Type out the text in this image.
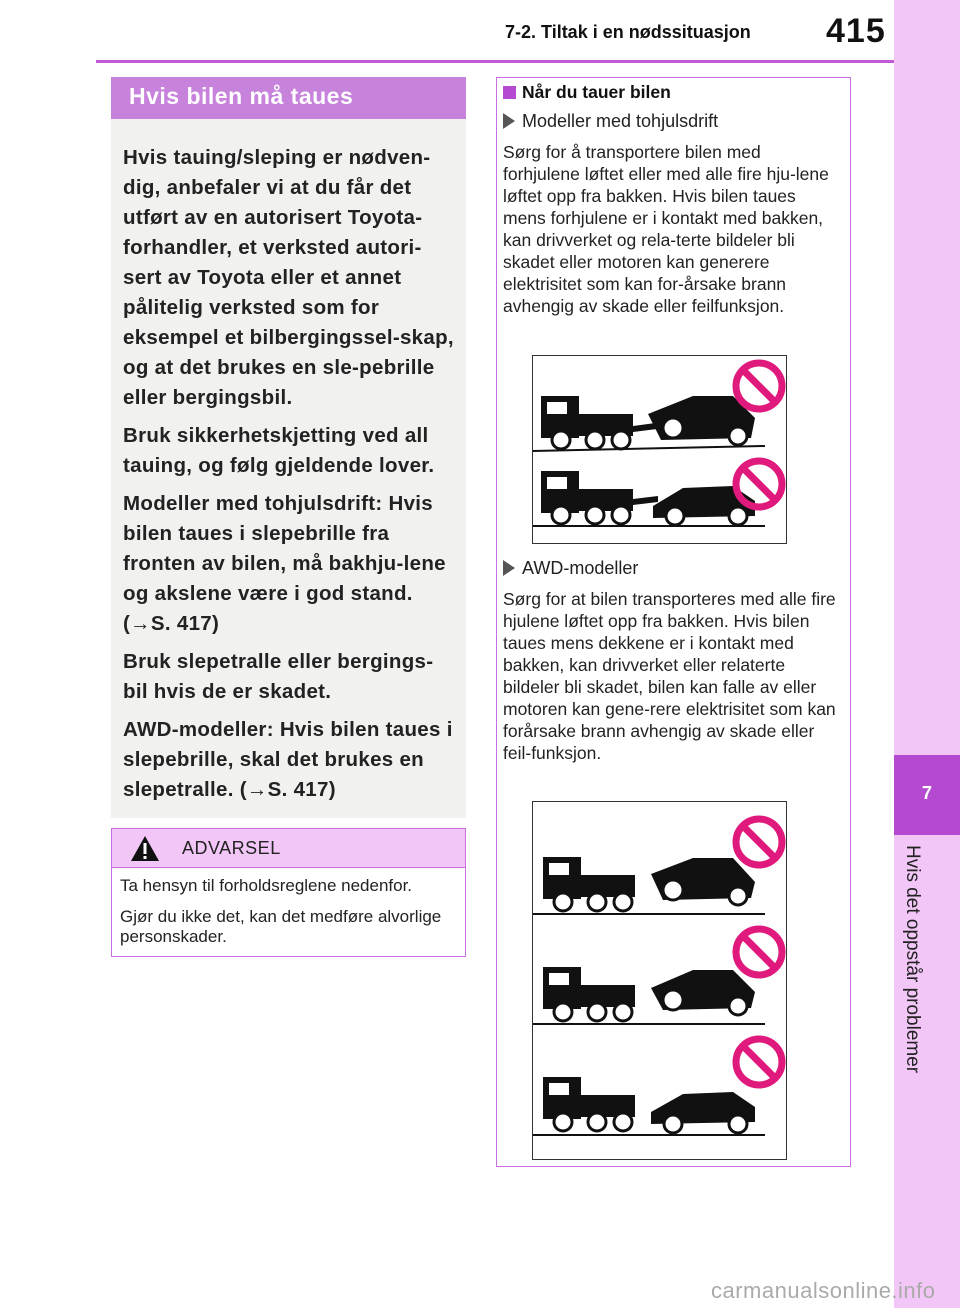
7-2. Tiltak i en nødssituasjon 415
7
Hvis det oppstår problemer
Hvis bilen må taues

Hvis tauing/sleping er nødven-dig, anbefaler vi at du får det utført av en autorisert Toyota-forhandler, et verksted autori-sert av Toyota eller et annet pålitelig verksted som for eksempel et bilbergingssel-skap, og at det brukes en sle-pebrille eller bergingsbil.

Bruk sikkerhetskjetting ved all tauing, og følg gjeldende lover.

Modeller med tohjulsdrift: Hvis bilen taues i slepebrille fra fronten av bilen, må bakhju-lene og akslene være i god stand. (→S. 417)

Bruk slepetralle eller bergings-bil hvis de er skadet.

AWD-modeller: Hvis bilen taues i slepebrille, skal det brukes en slepetralle. (→S. 417)

ADVARSEL

Ta hensyn til forholdsreglene nedenfor.

Gjør du ikke det, kan det medføre alvorlige personskader.

Når du tauer bilen
Modeller med tohjulsdrift
Sørg for å transportere bilen med forhjulene løftet eller med alle fire hju-lene løftet opp fra bakken. Hvis bilen taues mens forhjulene er i kontakt med bakken, kan drivverket og rela-terte bildeler bli skadet eller motoren kan generere elektrisitet som kan for-årsake brann avhengig av skade eller feilfunksjon.
AWD-modeller
Sørg for at bilen transporteres med alle fire hjulene løftet opp fra bakken. Hvis bilen taues mens dekkene er i kontakt med bakken, kan drivverket eller relaterte bildeler bli skadet, bilen kan falle av eller motoren kan gene-rere elektrisitet som kan forårsake brann avhengig av skade eller feil-funksjon.
carmanualsonline.info
